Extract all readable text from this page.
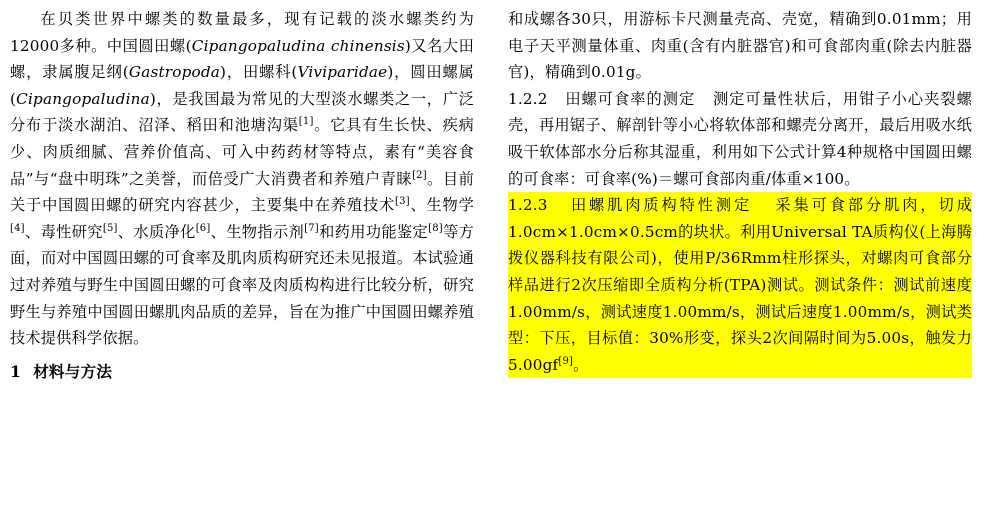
在贝类世界中螺类的数量最多，现有记载的淡水螺类约为12000多种。中国圆田螺(Cipangopaludina chinensis)又名大田螺，隶属腹足纲(Gastropoda)，田螺科(Viviparidae)，圆田螺属(Cipangopaludina)，是我国最为常见的大型淡水螺类之一，广泛分布于淡水湖泊、沼泽、稻田和池塘沟渠[1]。它具有生长快、疾病少、肉质细腻、营养价值高、可入中药药材等特点，素有“美容食品”与“盘中明珠”之美誉，而倍受广大消费者和养殖户青睐[2]。目前关于中国圆田螺的研究内容甚少，主要集中在养殖技术[3]、生物学[4]、毒性研究[5]、水质净化[6]、生物指示剂[7]和药用功能鉴定[8]等方面，而对中国圆田螺的可食率及肌肉质构研究还未见报道。本试验通过对养殖与野生中国圆田螺的可食率及肉质构构进行比较分析，研究野生与养殖中国圆田螺肌肉品质的差异，旨在为推广中国圆田螺养殖技术提供科学依据。

1 材料与方法

和成螺各30只，用游标卡尺测量壳高、壳宽，精确到0.01mm；用电子天平测量体重、肉重(含有内脏器官)和可食部肉重(除去内脏器官)，精确到0.01g。

1.2.2 田螺可食率的测定 测定可量性状后，用钳子小心夹裂螺壳，再用锯子、解剖针等小心将软体部和螺壳分离开，最后用吸水纸吸干软体部水分后称其湿重，利用如下公式计算4种规格中国圆田螺的可食率：可食率(%)＝螺可食部肉重/体重×100。

1.2.3 田螺肌肉质构特性测定 采集可食部分肌肉，切成1.0cm×1.0cm×0.5cm的块状。利用Universal TA质构仪(上海腾拨仪器科技有限公司)，使用P/36Rmm柱形探头，对螺肉可食部分样品进行2次压缩即全质构分析(TPA)测试。测试条件：测试前速度1.00mm/s，测试速度1.00mm/s，测试后速度1.00mm/s，测试类型：下压，目标值：30%形变，探头2次间隔时间为5.00s，触发力5.00gf[9]。
